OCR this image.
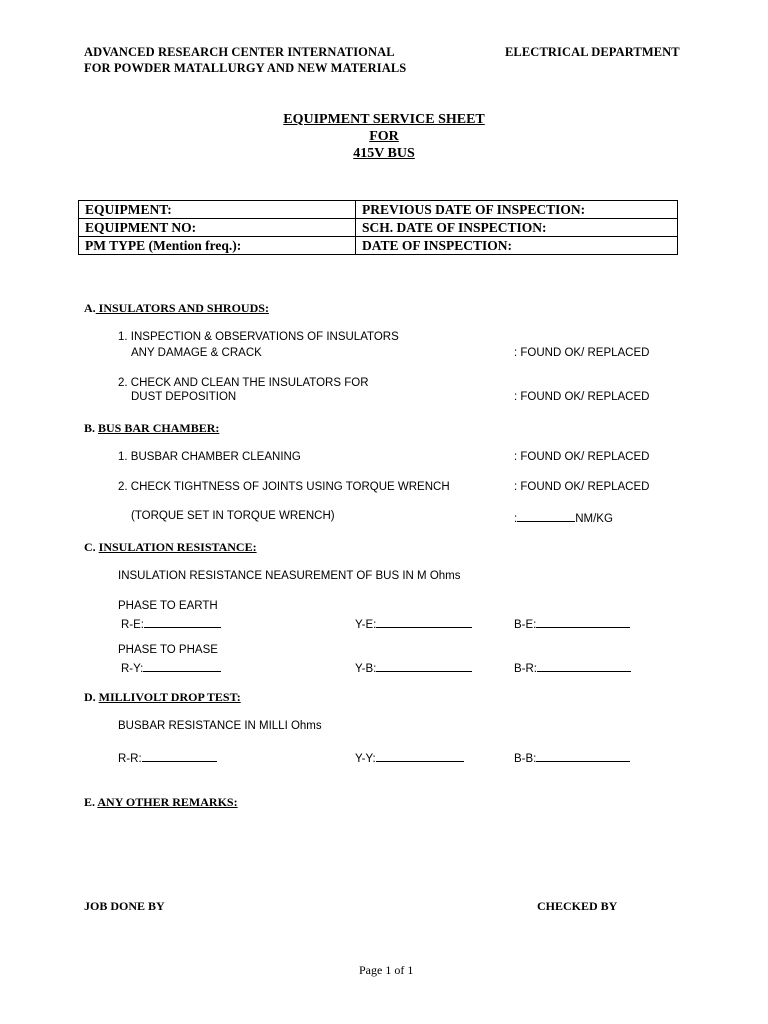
ADVANCED RESEARCH CENTER INTERNATIONAL
FOR POWDER MATALLURGY AND NEW MATERIALS
ELECTRICAL DEPARTMENT
EQUIPMENT SERVICE SHEET
FOR
415V BUS
EQUIPMENT:	PREVIOUS DATE OF INSPECTION:
EQUIPMENT NO:	SCH. DATE OF INSPECTION:
PM TYPE (Mention freq.):	DATE OF INSPECTION:
A. INSULATORS AND SHROUDS:
1. INSPECTION & OBSERVATIONS OF INSULATORS
ANY DAMAGE & CRACK	: FOUND OK/ REPLACED
2. CHECK AND CLEAN THE INSULATORS FOR
DUST DEPOSITION	: FOUND OK/ REPLACED
B. BUS BAR CHAMBER:
1. BUSBAR CHAMBER CLEANING	: FOUND OK/ REPLACED
2. CHECK TIGHTNESS OF JOINTS USING TORQUE WRENCH	: FOUND OK/ REPLACED
(TORQUE SET IN TORQUE WRENCH)	:	NM/KG
C. INSULATION RESISTANCE:
INSULATION RESISTANCE NEASUREMENT OF BUS IN M Ohms
PHASE TO EARTH
R-E:	Y-E:	B-E:
PHASE TO PHASE
R-Y:	Y-B:	B-R:
D. MILLIVOLT DROP TEST:
BUSBAR RESISTANCE IN MILLI Ohms
R-R:	Y-Y:	B-B:
E. ANY OTHER REMARKS:
JOB DONE BY	CHECKED BY
Page 1 of 1
